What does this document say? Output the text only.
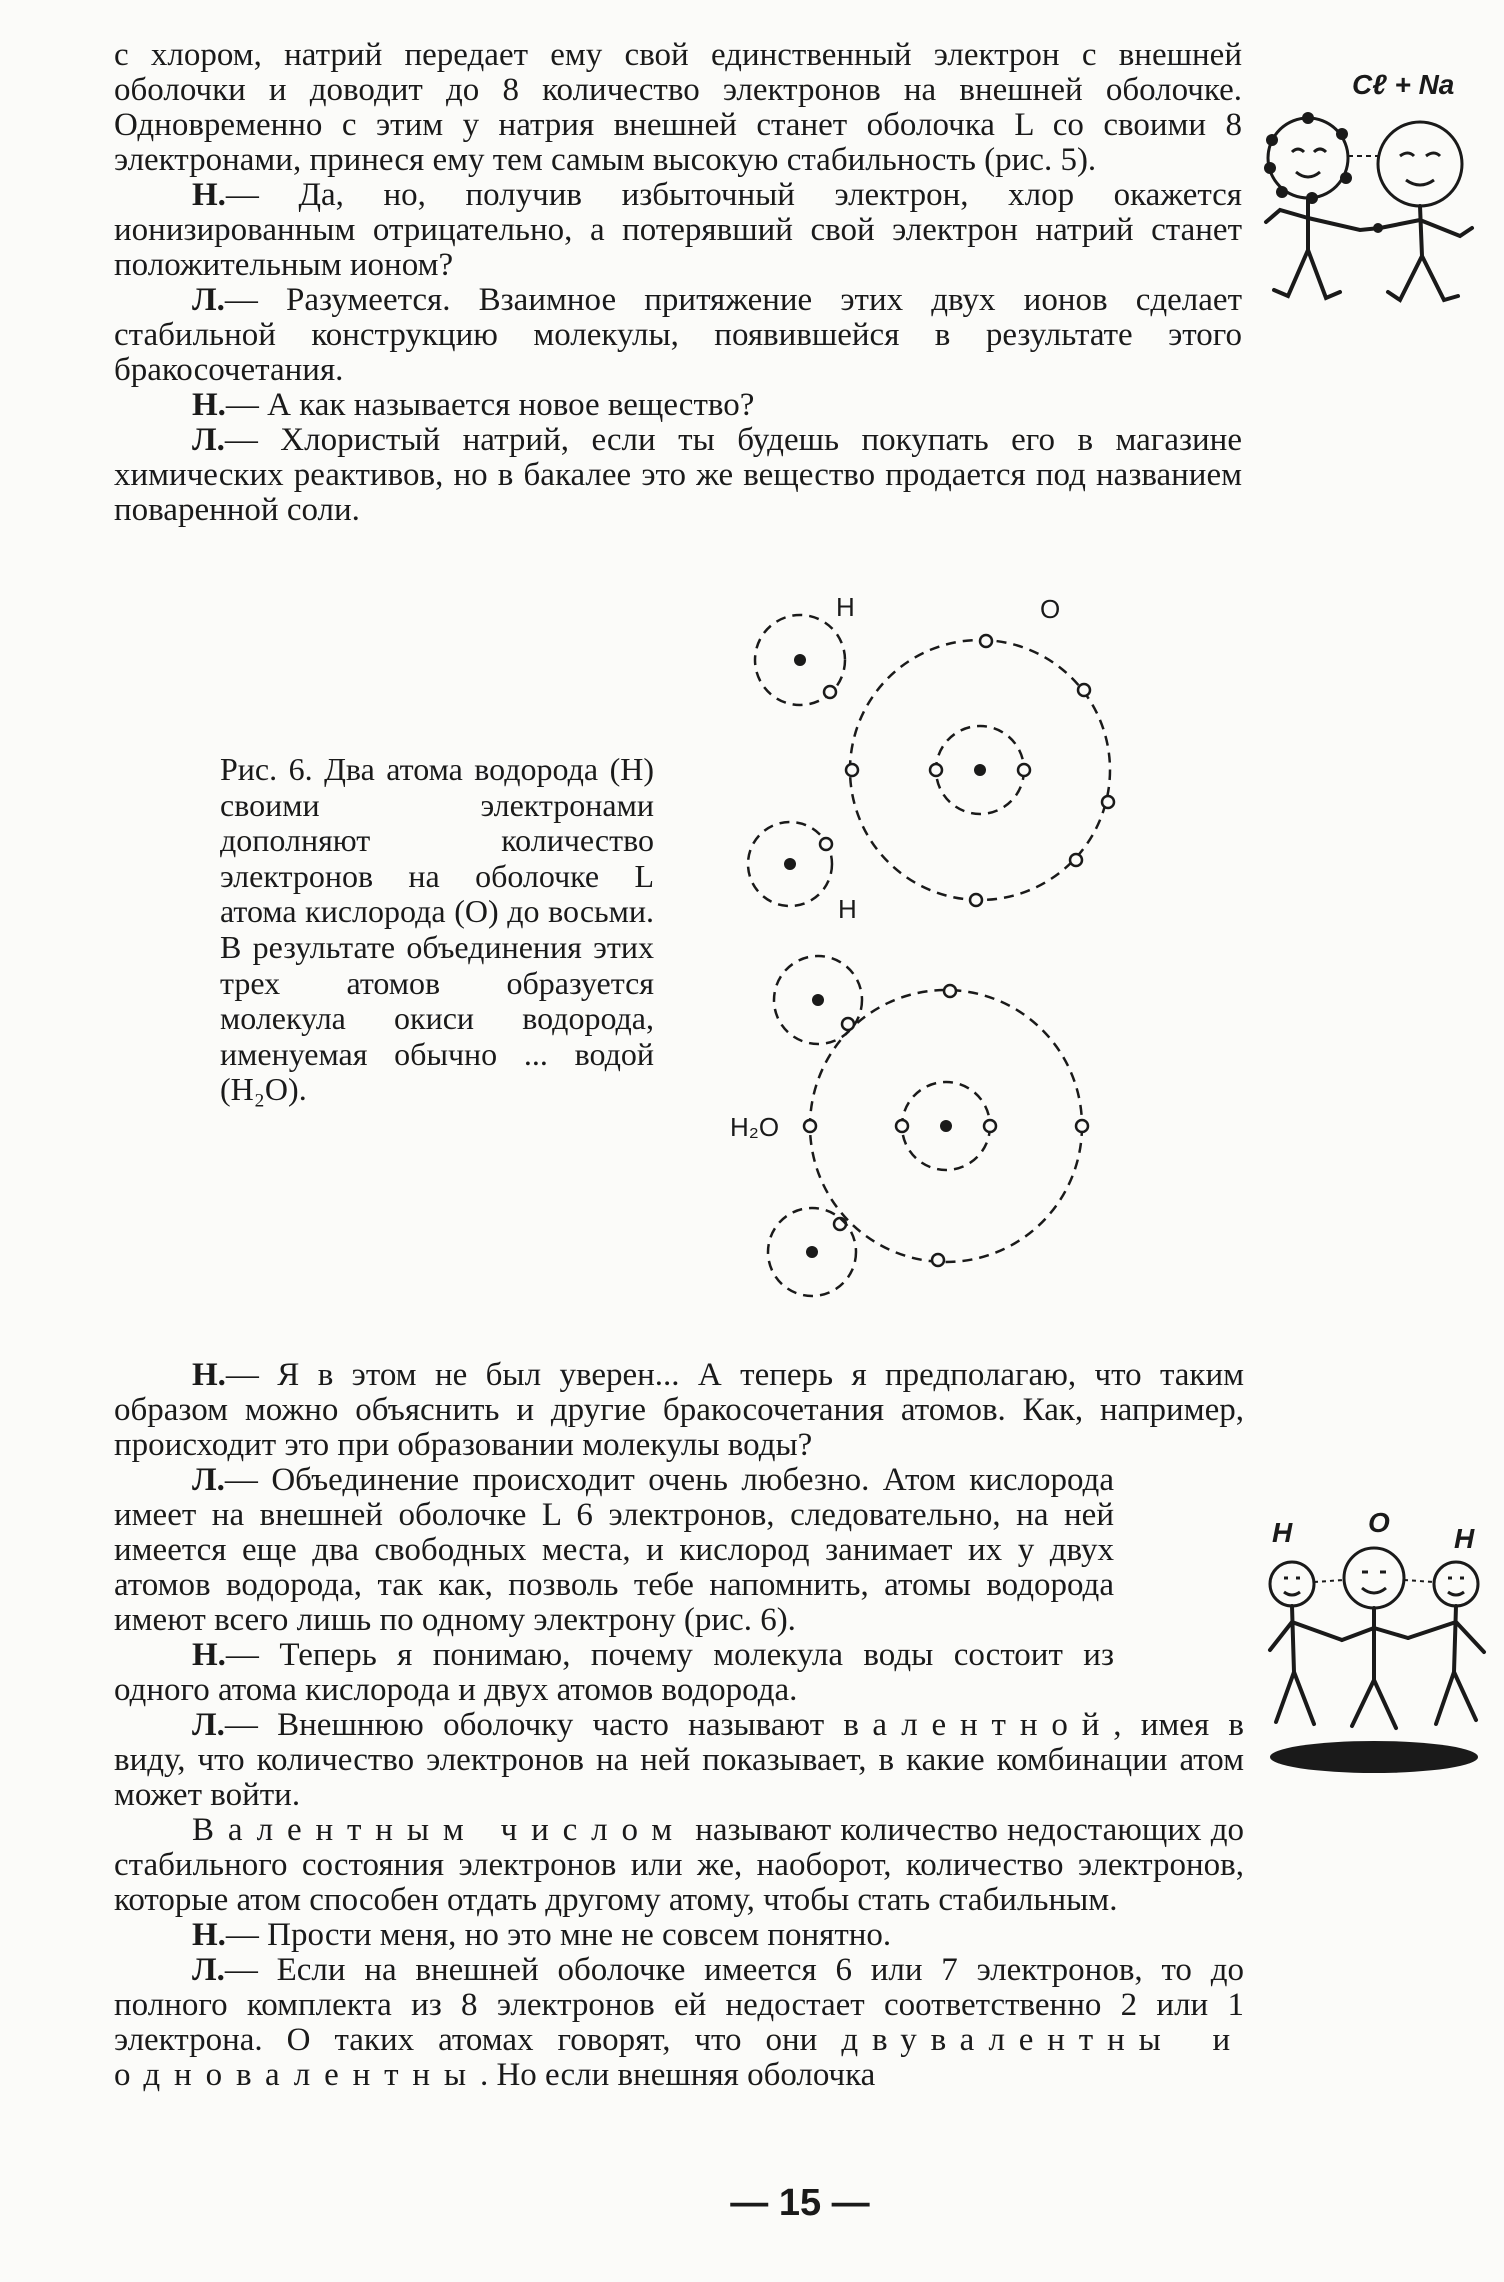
с хлором, натрий передает ему свой единственный электрон с внешней оболочки и доводит до 8 количество электронов на внешней оболочке. Одновременно с этим у натрия внешней станет оболочка L со своими 8 электронами, принеся ему тем самым высокую стабильность (рис. 5).

Н.— Да, но, получив избыточный электрон, хлор окажется ионизированным отрицательно, а потерявший свой электрон натрий станет положительным ионом?

Л.— Разумеется. Взаимное притяжение этих двух ионов сделает стабильной конструкцию молекулы, появившейся в результате этого бракосочетания.

Н.— А как называется новое вещество?

Л.— Хлористый натрий, если ты будешь покупать его в магазине химических реактивов, но в бакалее это же вещество продается под названием поваренной соли.

Cℓ + Na

Рис. 6. Два атома водорода (Н) своими электронами дополняют количество электронов на оболочке L атома кислорода (О) до восьми. В результате объединения этих трех атомов образуется молекула окиси водорода, именуемая обычно ... водой (H₂O).

Н	О
Н
H₂O

Н.— Я в этом не был уверен... А теперь я предполагаю, что таким образом можно объяснить и другие бракосочетания атомов. Как, например, происходит это при образовании молекулы воды?

Л.— Объединение происходит очень любезно. Атом кислорода имеет на внешней оболочке L 6 электронов, следовательно, на ней имеется еще два свободных места, и кислород занимает их у двух атомов водорода, так как, позволь тебе напомнить, атомы водорода имеют всего лишь по одному электрону (рис. 6).

Н.— Теперь я понимаю, почему молекула воды состоит из одного атома кислорода и двух атомов водорода.

Л.— Внешнюю оболочку часто называют валентной, имея в виду, что количество электронов на ней показывает, в какие комбинации атом может войти.

Валентным числом называют количество недостающих до стабильного состояния электронов или же, наоборот, количество электронов, которые атом способен отдать другому атому, чтобы стать стабильным.

Н.— Прости меня, но это мне не совсем понятно.

Л.— Если на внешней оболочке имеется 6 или 7 электронов, то до полного комплекта из 8 электронов ей недостает соответственно 2 или 1 электрона. О таких атомах говорят, что они двувалентны и одновалентны. Но если внешняя оболочка

Н	О
Н
— 15 —
